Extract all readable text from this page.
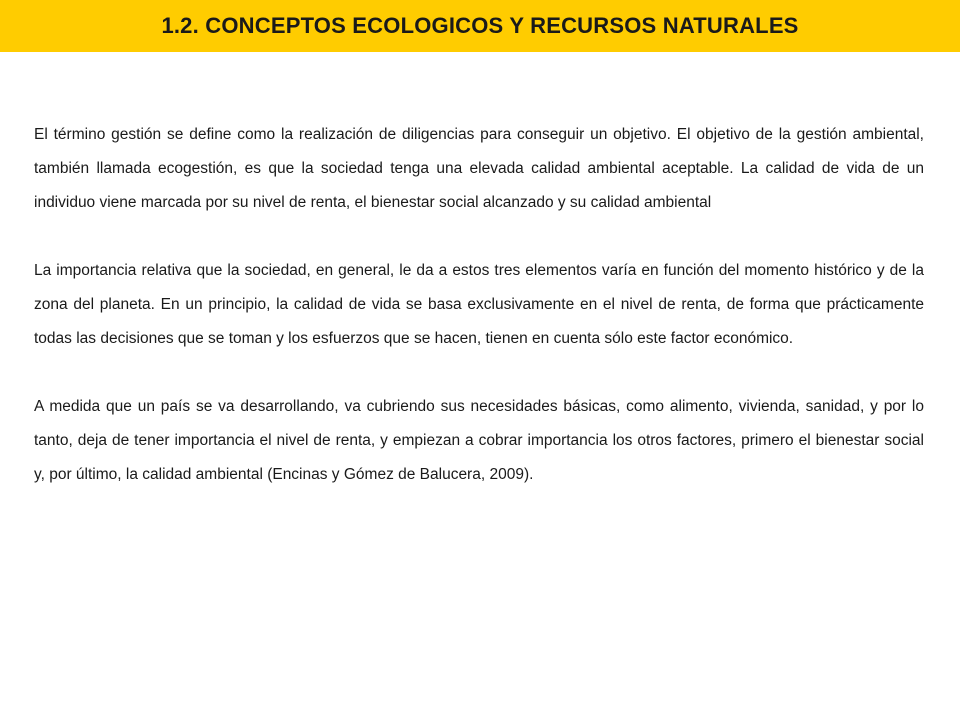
1.2. CONCEPTOS ECOLOGICOS Y RECURSOS NATURALES

El término gestión se define como la realización de diligencias para conseguir un objetivo. El objetivo de la gestión ambiental, también llamada ecogestión, es que la sociedad tenga una elevada calidad ambiental aceptable. La calidad de vida de un individuo viene marcada por su nivel de renta, el bienestar social alcanzado y su calidad ambiental

La importancia relativa que la sociedad, en general, le da a estos tres elementos varía en función del momento histórico y de la zona del planeta. En un principio, la calidad de vida se basa exclusivamente en el nivel de renta, de forma que prácticamente todas las decisiones que se toman y los esfuerzos que se hacen, tienen en cuenta sólo este factor económico.

A medida que un país se va desarrollando, va cubriendo sus necesidades básicas, como alimento, vivienda, sanidad, y por lo tanto, deja de tener importancia el nivel de renta, y empiezan a cobrar importancia los otros factores, primero el bienestar social y, por último, la calidad ambiental (Encinas y Gómez de Balucera, 2009).
